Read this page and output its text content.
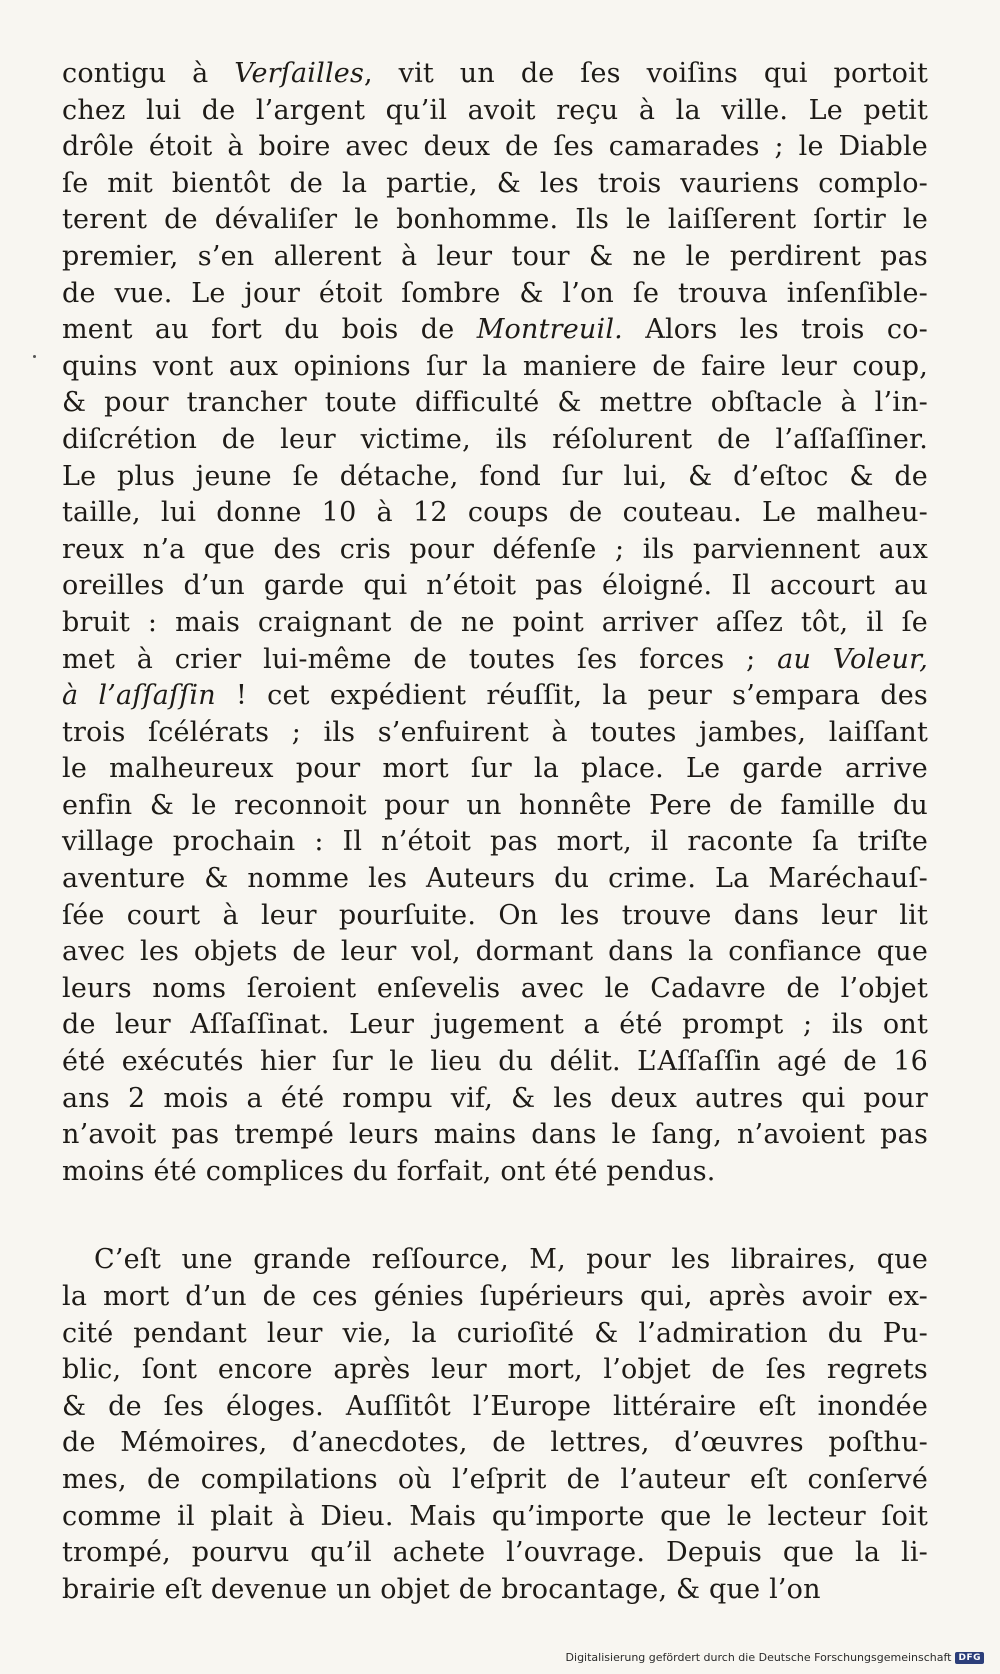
contigu à Verſailles, vit un de ſes voiſins qui portoit
chez lui de l’argent qu’il avoit reçu à la ville. Le petit
drôle étoit à boire avec deux de ſes camarades ; le Diable
ſe mit bientôt de la partie, & les trois vauriens complo-
terent de dévaliſer le bonhomme. Ils le laiſſerent ſortir le
premier, s’en allerent à leur tour & ne le perdirent pas
de vue. Le jour étoit ſombre & l’on ſe trouva inſenſible-
ment au fort du bois de Montreuil. Alors les trois co-
quins vont aux opinions ſur la maniere de faire leur coup,
& pour trancher toute difficulté & mettre obſtacle à l’in-
diſcrétion de leur victime, ils réſolurent de l’aſſaſſiner.
Le plus jeune ſe détache, fond ſur lui, & d’eſtoc & de
taille, lui donne 10 à 12 coups de couteau. Le malheu-
reux n’a que des cris pour défenſe ; ils parviennent aux
oreilles d’un garde qui n’étoit pas éloigné. Il accourt au
bruit : mais craignant de ne point arriver aſſez tôt, il ſe
met à crier lui-même de toutes ſes forces ; au Voleur,
à l’aſſaſſin ! cet expédient réuſſit, la peur s’empara des
trois ſcélérats ; ils s’enfuirent à toutes jambes, laiſſant
le malheureux pour mort ſur la place. Le garde arrive
enfin & le reconnoit pour un honnête Pere de famille du
village prochain : Il n’étoit pas mort, il raconte ſa triſte
aventure & nomme les Auteurs du crime. La Maréchauſ-
ſée court à leur pourſuite. On les trouve dans leur lit
avec les objets de leur vol, dormant dans la confiance que
leurs noms ſeroient enſevelis avec le Cadavre de l’objet
de leur Aſſaſſinat. Leur jugement a été prompt ; ils ont
été exécutés hier ſur le lieu du délit. L’Aſſaſſin agé de 16
ans 2 mois a été rompu vif, & les deux autres qui pour
n’avoit pas trempé leurs mains dans le ſang, n’avoient pas
moins été complices du forfait, ont été pendus.
C’eſt une grande reſſource, M, pour les libraires, que
la mort d’un de ces génies ſupérieurs qui, après avoir ex-
cité pendant leur vie, la curioſité & l’admiration du Pu-
blic, ſont encore après leur mort, l’objet de ſes regrets
& de ſes éloges. Auſſitôt l’Europe littéraire eſt inondée
de Mémoires, d’anecdotes, de lettres, d’œuvres poſthu-
mes, de compilations où l’eſprit de l’auteur eſt conſervé
comme il plait à Dieu. Mais qu’importe que le lecteur ſoit
trompé, pourvu qu’il achete l’ouvrage. Depuis que la li-
brairie eſt devenue un objet de brocantage, & que l’on
Digitalisierung gefördert durch die Deutsche Forschungsgemeinschaft DFG
